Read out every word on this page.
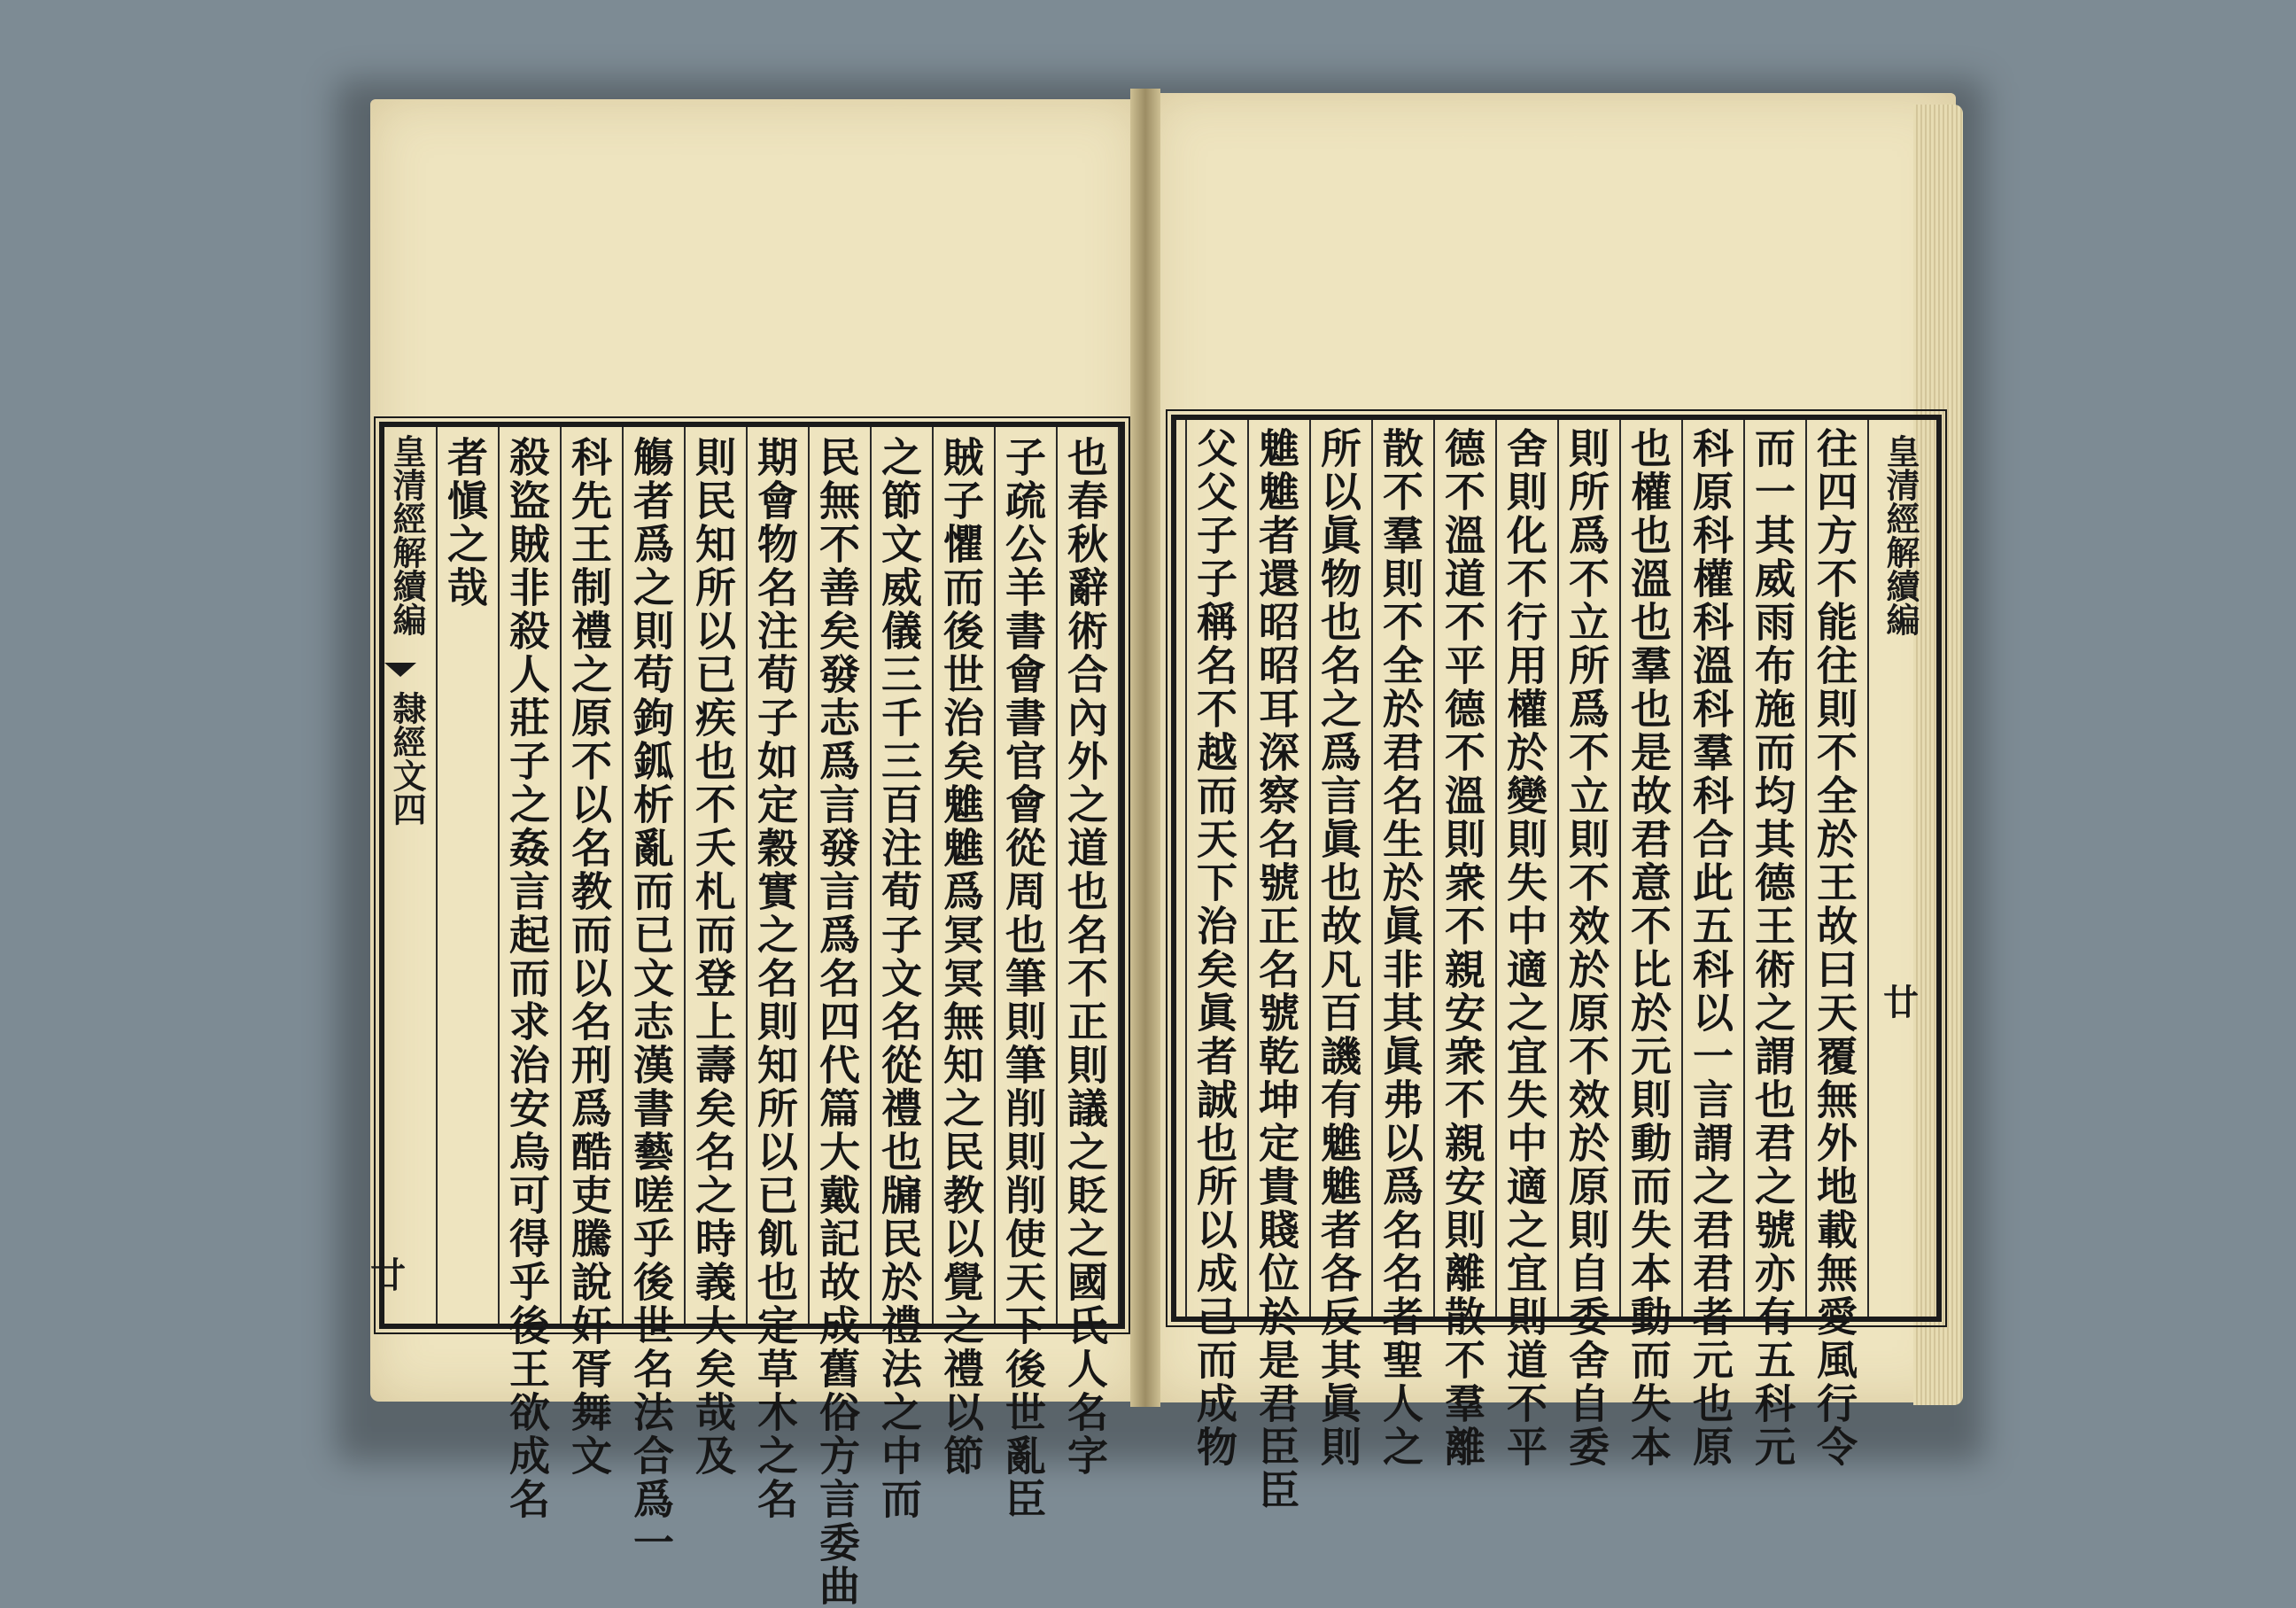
皇清經解續編
隸經文四
廿
皇清經解續編
廿
也春秋辭術合內外之道也名不正則議之貶之國氏人名字
子疏公羊書會書官會從周也筆則筆削則削使天下後世亂臣
賊子懼而後世治矣魋魋爲冥冥無知之民教以覺之禮以節
之節文威儀三千三百注荀子文名從禮也牖民於禮法之中而
民無不善矣發志爲言發言爲名四代篇大戴記故成舊俗方言委曲
期會物名注荀子如定穀實之名則知所以已飢也定草木之名
則民知所以已疾也不夭札而登上壽矣名之時義大矣哉及
觴者爲之則苟鉤鈲析亂而已文志漢書藝嗟乎後世名法合爲一
科先王制禮之原不以名教而以名刑爲酷吏騰說奸胥舞文
殺盜賊非殺人莊子之姦言起而求治安烏可得乎後王欲成名
者愼之哉	往四方不能往則不全於王故曰天覆無外地載無愛風行令
而一其威雨布施而均其德王術之謂也君之號亦有五科元
科原科權科溫科羣科合此五科以一言謂之君君者元也原
也權也溫也羣也是故君意不比於元則動而失本動而失本
則所爲不立所爲不立則不效於原不效於原則自委舍自委
舍則化不行用權於變則失中適之宜失中適之宜則道不平
德不溫道不平德不溫則衆不親安衆不親安則離散不羣離
散不羣則不全於君名生於眞非其眞弗以爲名名者聖人之
所以眞物也名之爲言眞也故凡百譏有魋魋者各反其眞則
魋魋者還昭昭耳深察名號正名號乾坤定貴賤位於是君臣臣
父父子子稱名不越而天下治矣眞者誠也所以成己而成物
